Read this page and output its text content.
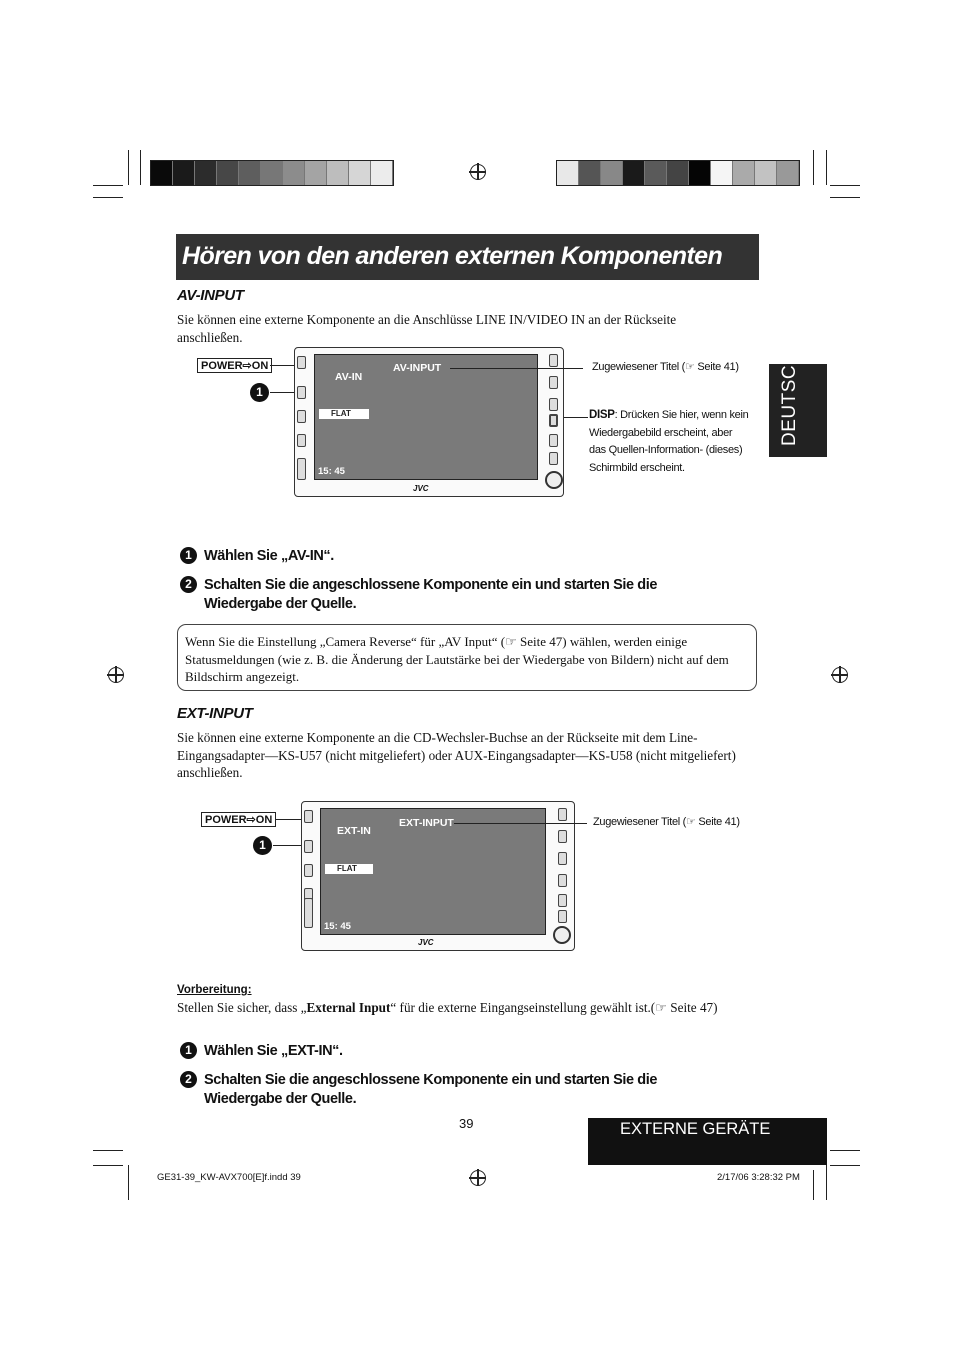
Hören von den anderen externen Komponenten
DEUTSCH
AV-INPUT
Sie können eine externe Komponente an die Anschlüsse LINE IN/VIDEO IN an der Rückseite anschließen.
POWER⇨ON
1
AV-IN
AV-INPUT
FLAT
15: 45
JVC
Zugewiesener Titel (☞ Seite 41)
DISP: Drücken Sie hier, wenn kein
Wiedergabebild erscheint, aber
das Quellen-Information- (dieses)
Schirmbild erscheint.
1 Wählen Sie „AV-IN“.
2 Schalten Sie die angeschlossene Komponente ein und starten Sie die Wiedergabe der Quelle.
Wenn Sie die Einstellung „Camera Reverse“ für „AV Input“ (☞ Seite 47) wählen, werden einige Statusmeldungen (wie z. B. die Änderung der Lautstärke bei der Wiedergabe von Bildern) nicht auf dem Bildschirm angezeigt.
EXT-INPUT
Sie können eine externe Komponente an die CD-Wechsler-Buchse an der Rückseite mit dem Line-Eingangsadapter—KS-U57 (nicht mitgeliefert) oder AUX-Eingangsadapter—KS-U58 (nicht mitgeliefert) anschließen.
POWER⇨ON
1
EXT-IN
EXT-INPUT
FLAT
15: 45
JVC
Zugewiesener Titel (☞ Seite 41)
Vorbereitung:
Stellen Sie sicher, dass „External Input“ für die externe Eingangseinstellung gewählt ist.(☞ Seite 47)
1 Wählen Sie „EXT-IN“.
2 Schalten Sie die angeschlossene Komponente ein und starten Sie die Wiedergabe der Quelle.
39	EXTERNE GERÄTE
GE31-39_KW-AVX700[E]f.indd 39	2/17/06 3:28:32 PM
